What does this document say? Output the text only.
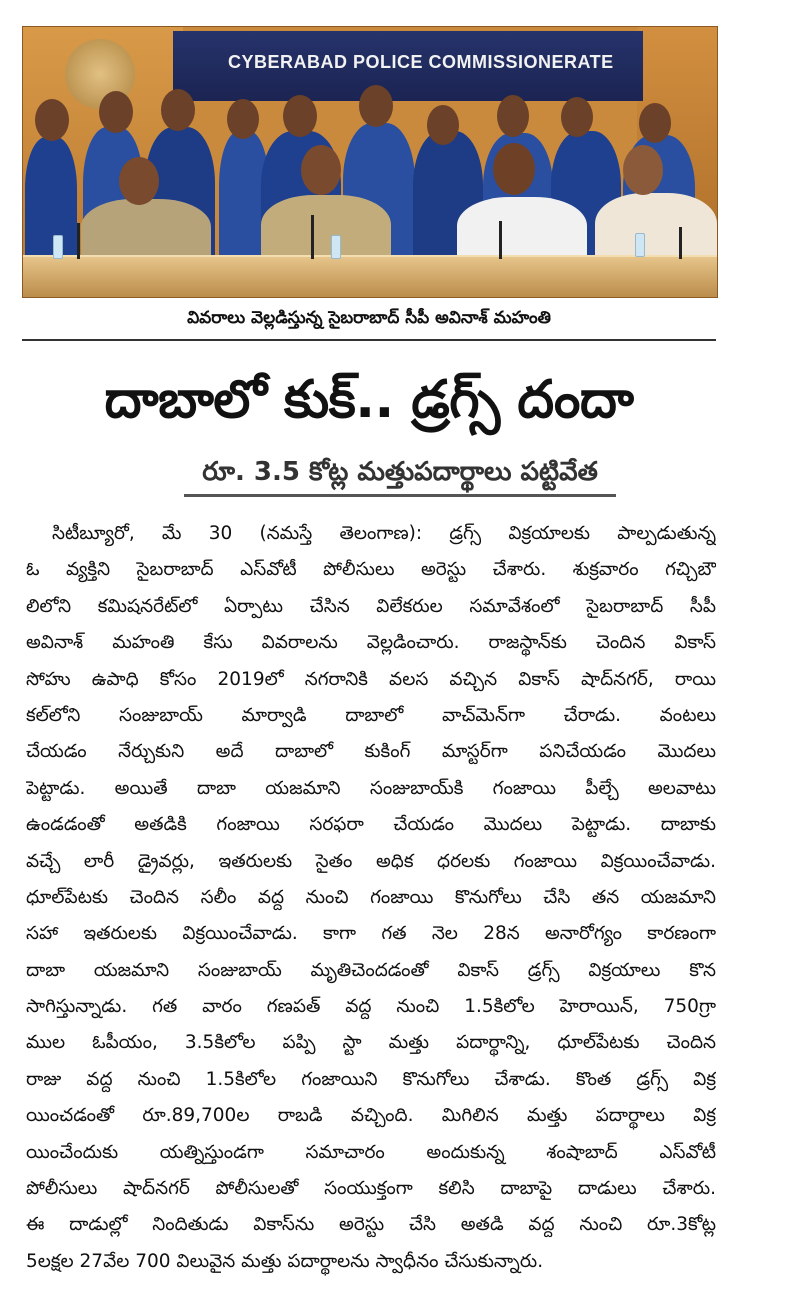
CYBERABAD POLICE COMMISSIONERATE
వివరాలు వెల్లడిస్తున్న సైబరాబాద్ సీపీ అవినాశ్ మహంతి
దాబాలో కుక్.. డ్రగ్స్ దందా
రూ. 3.5 కోట్ల మత్తుపదార్థాలు పట్టివేత
సిటీబ్యూరో, మే 30 (నమస్తే తెలంగాణ): డ్రగ్స్ విక్రయాలకు పాల్పడుతున్న
ఓ వ్యక్తిని సైబరాబాద్ ఎస్‌వోటీ పోలీసులు అరెస్టు చేశారు. శుక్రవారం గచ్చిబౌ
లిలోని కమిషనరేట్‌లో ఏర్పాటు చేసిన విలేకరుల సమావేశంలో సైబరాబాద్ సీపీ
అవినాశ్ మహంతి కేసు వివరాలను వెల్లడించారు. రాజస్థాన్‌కు చెందిన వికాస్
సోహు ఉపాధి కోసం 2019లో నగరానికి వలస వచ్చిన వికాస్ షాద్‌నగర్, రాయి
కల్‌లోని సంజుబాయ్ మార్వాడి దాబాలో వాచ్‌మెన్‌గా చేరాడు. వంటలు
చేయడం నేర్చుకుని అదే దాబాలో కుకింగ్ మాస్టర్‌గా పనిచేయడం మొదలు
పెట్టాడు. అయితే దాబా యజమాని సంజుబాయ్‌కి గంజాయి పీల్చే అలవాటు
ఉండడంతో అతడికి గంజాయి సరఫరా చేయడం మొదలు పెట్టాడు. దాబాకు
వచ్చే లారీ డ్రైవర్లు, ఇతరులకు సైతం అధిక ధరలకు గంజాయి విక్రయించేవాడు.
ధూల్‌పేటకు చెందిన సలీం వద్ద నుంచి గంజాయి కొనుగోలు చేసి తన యజమాని
సహా ఇతరులకు విక్రయించేవాడు. కాగా గత నెల 28న అనారోగ్యం కారణంగా
దాబా యజమాని సంజుబాయ్ మృతిచెందడంతో వికాస్ డ్రగ్స్ విక్రయాలు కొన
సాగిస్తున్నాడు. గత వారం గణపత్ వద్ద నుంచి 1.5కిలోల హెరాయిన్, 750గ్రా
ముల ఓపీయం, 3.5కిలోల పప్పి స్టా మత్తు పదార్థాన్ని, ధూల్‌పేటకు చెందిన
రాజు వద్ద నుంచి 1.5కిలోల గంజాయిని కొనుగోలు చేశాడు. కొంత డ్రగ్స్ విక్ర
యించడంతో రూ.89,700ల రాబడి వచ్చింది. మిగిలిన మత్తు పదార్థాలు విక్ర
యించేందుకు యత్నిస్తుండగా సమాచారం అందుకున్న శంషాబాద్ ఎస్‌వోటీ
పోలీసులు షాద్‌నగర్ పోలీసులతో సంయుక్తంగా కలిసి దాబాపై దాడులు చేశారు.
ఈ దాడుల్లో నిందితుడు వికాస్‌ను అరెస్టు చేసి అతడి వద్ద నుంచి రూ.3కోట్ల
5లక్షల 27వేల 700 విలువైన మత్తు పదార్థాలను స్వాధీనం చేసుకున్నారు.
